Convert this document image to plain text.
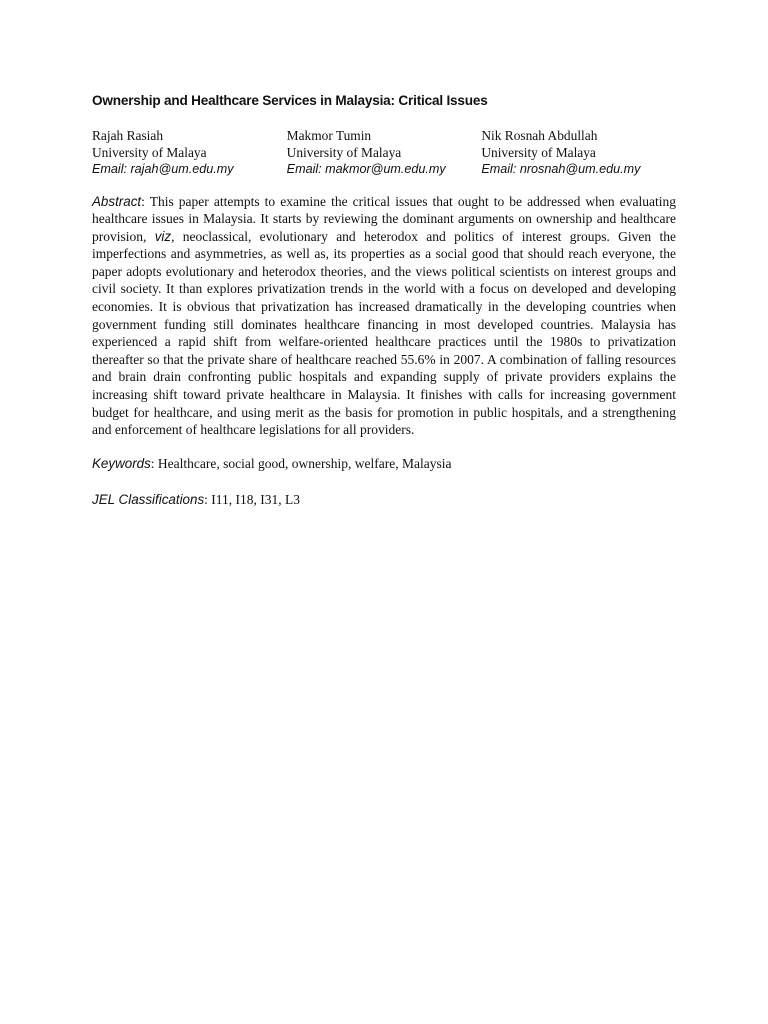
Ownership and Healthcare Services in Malaysia: Critical Issues
Rajah Rasiah
University of Malaya
Email: rajah@um.edu.my
Makmor Tumin
University of Malaya
Email: makmor@um.edu.my
Nik Rosnah Abdullah
University of Malaya
Email: nrosnah@um.edu.my

Abstract: This paper attempts to examine the critical issues that ought to be addressed when evaluating healthcare issues in Malaysia. It starts by reviewing the dominant arguments on ownership and healthcare provision, viz, neoclassical, evolutionary and heterodox and politics of interest groups. Given the imperfections and asymmetries, as well as, its properties as a social good that should reach everyone, the paper adopts evolutionary and heterodox theories, and the views political scientists on interest groups and civil society. It than explores privatization trends in the world with a focus on developed and developing economies. It is obvious that privatization has increased dramatically in the developing countries when government funding still dominates healthcare financing in most developed countries. Malaysia has experienced a rapid shift from welfare-oriented healthcare practices until the 1980s to privatization thereafter so that the private share of healthcare reached 55.6% in 2007. A combination of falling resources and brain drain confronting public hospitals and expanding supply of private providers explains the increasing shift toward private healthcare in Malaysia. It finishes with calls for increasing government budget for healthcare, and using merit as the basis for promotion in public hospitals, and a strengthening and enforcement of healthcare legislations for all providers.

Keywords: Healthcare, social good, ownership, welfare, Malaysia
JEL Classifications: I11, I18, I31, L3
